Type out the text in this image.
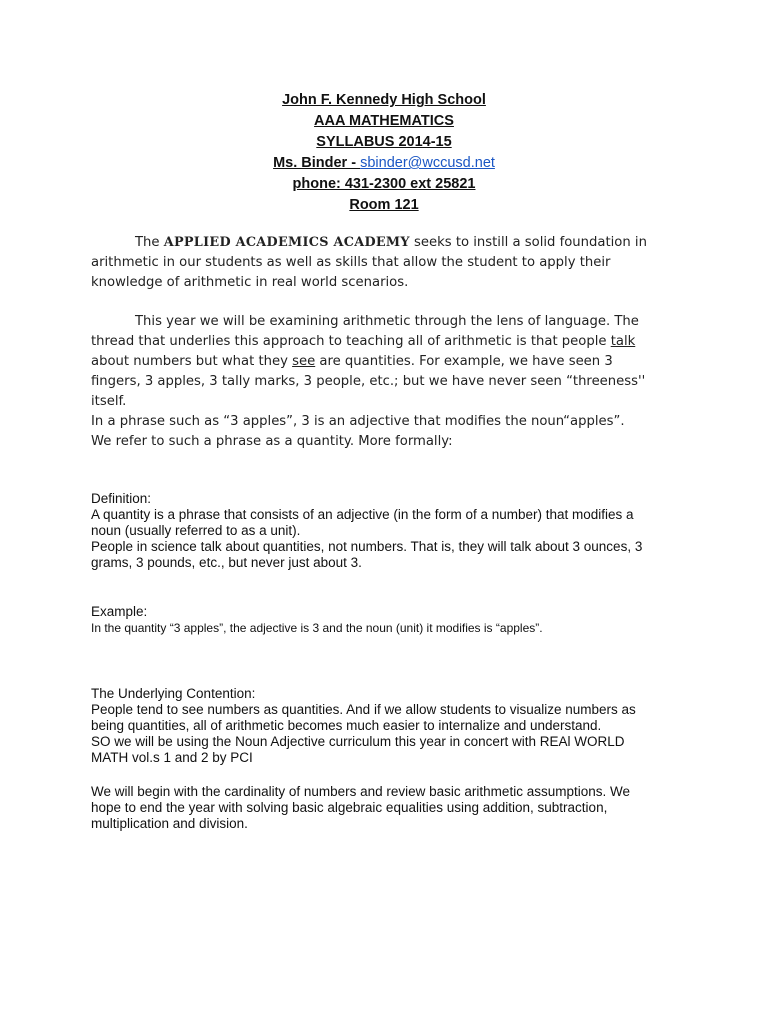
John F. Kennedy High School
AAA MATHEMATICS
SYLLABUS 2014-15
Ms. Binder - sbinder@wccusd.net
phone: 431-2300 ext 25821
Room 121
The APPLIED ACADEMICS ACADEMY seeks to instill a solid foundation in
arithmetic in our students as well as skills that allow the student to apply their
knowledge of arithmetic in real world scenarios.
This year we will be examining arithmetic through the lens of language. The
thread that underlies this approach to teaching all of arithmetic is that people talk
about numbers but what they see are quantities. For example, we have seen 3
fingers, 3 apples, 3 tally marks, 3 people, etc.; but we have never seen “threeness''
itself.
In a phrase such as “3 apples”, 3 is an adjective that modifies the noun“apples”.
We refer to such a phrase as a quantity. More formally:
Definition:
A quantity is a phrase that consists of an adjective (in the form of a number) that modifies a
noun (usually referred to as a unit).
People in science talk about quantities, not numbers. That is, they will talk about 3 ounces, 3
grams, 3 pounds, etc., but never just about 3.
Example:
In the quantity “3 apples”, the adjective is 3 and the noun (unit) it modifies is “apples”.
The Underlying Contention:
People tend to see numbers as quantities. And if we allow students to visualize numbers as
being quantities, all of arithmetic becomes much easier to internalize and understand.
SO we will be using the Noun Adjective curriculum this year in concert with REAl WORLD
MATH vol.s 1 and 2 by PCI
We will begin with the cardinality of numbers and review basic arithmetic assumptions. We
hope to end the year with solving basic algebraic equalities using addition, subtraction,
multiplication and division.
